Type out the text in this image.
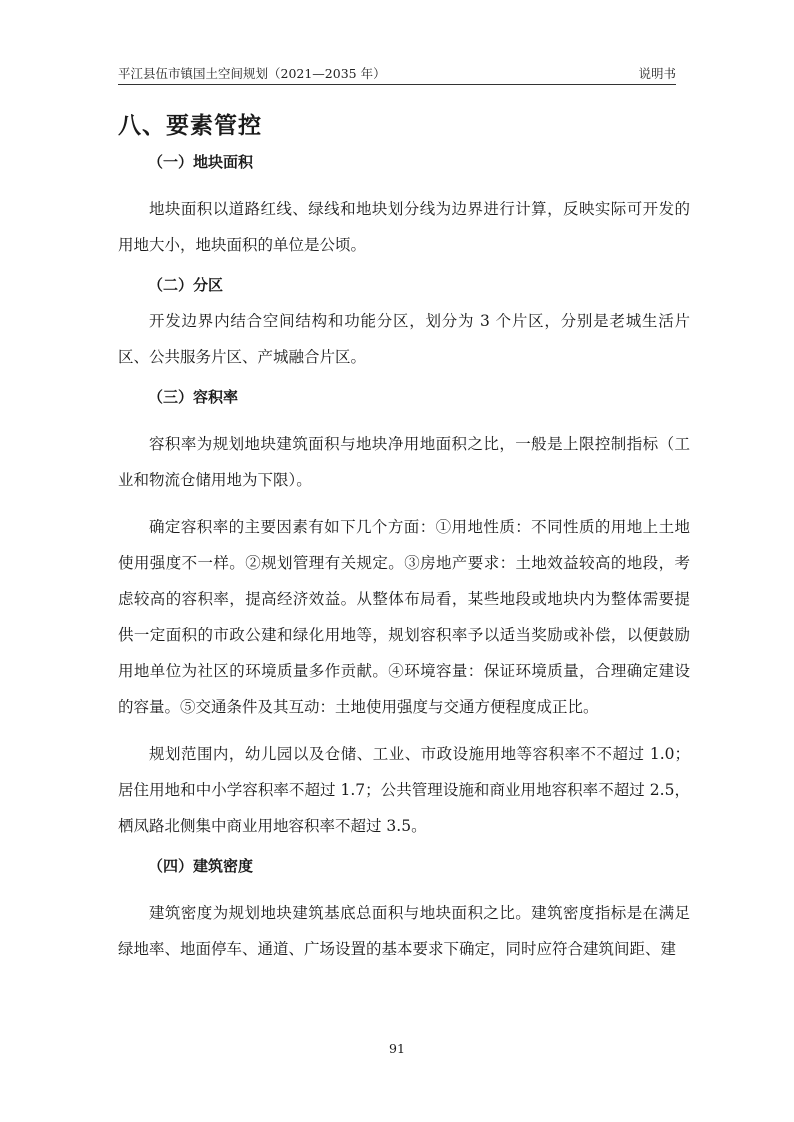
平江县伍市镇国土空间规划（2021—2035 年）	说明书
八、要素管控
（一）地块面积

地块面积以道路红线、绿线和地块划分线为边界进行计算，反映实际可开发的用地大小，地块面积的单位是公顷。

（二）分区

开发边界内结合空间结构和功能分区，划分为 3 个片区，分别是老城生活片区、公共服务片区、产城融合片区。

（三）容积率

容积率为规划地块建筑面积与地块净用地面积之比，一般是上限控制指标（工业和物流仓储用地为下限）。

确定容积率的主要因素有如下几个方面：①用地性质：不同性质的用地上土地使用强度不一样。②规划管理有关规定。③房地产要求：土地效益较高的地段，考虑较高的容积率，提高经济效益。从整体布局看，某些地段或地块内为整体需要提供一定面积的市政公建和绿化用地等，规划容积率予以适当奖励或补偿，以便鼓励用地单位为社区的环境质量多作贡献。④环境容量：保证环境质量，合理确定建设的容量。⑤交通条件及其互动：土地使用强度与交通方便程度成正比。

规划范围内，幼儿园以及仓储、工业、市政设施用地等容积率不不超过 1.0；居住用地和中小学容积率不超过 1.7；公共管理设施和商业用地容积率不超过 2.5，栖凤路北侧集中商业用地容积率不超过 3.5。

（四）建筑密度

建筑密度为规划地块建筑基底总面积与地块面积之比。建筑密度指标是在满足绿地率、地面停车、通道、广场设置的基本要求下确定，同时应符合建筑间距、建

91
